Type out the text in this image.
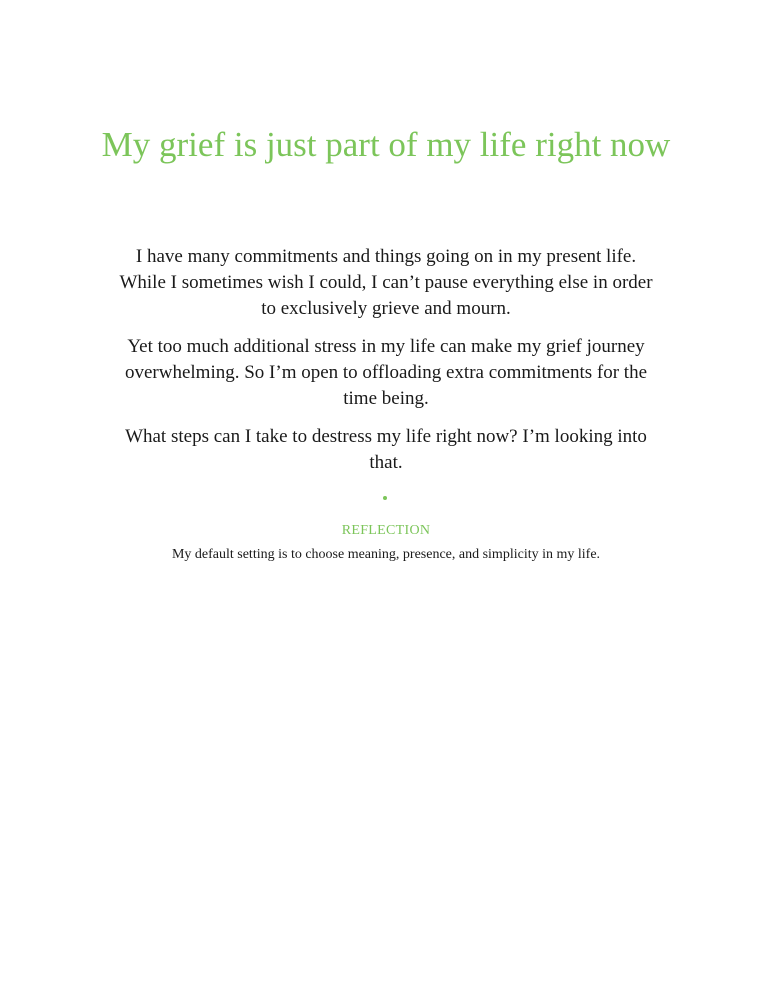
My grief is just part of my life right now

I have many commitments and things going on in my present life. While I sometimes wish I could, I can’t pause everything else in order to exclusively grieve and mourn.

Yet too much additional stress in my life can make my grief journey overwhelming. So I’m open to offloading extra commitments for the time being.

What steps can I take to destress my life right now? I’m looking into that.

REFLECTION
My default setting is to choose meaning, presence, and simplicity in my life.
